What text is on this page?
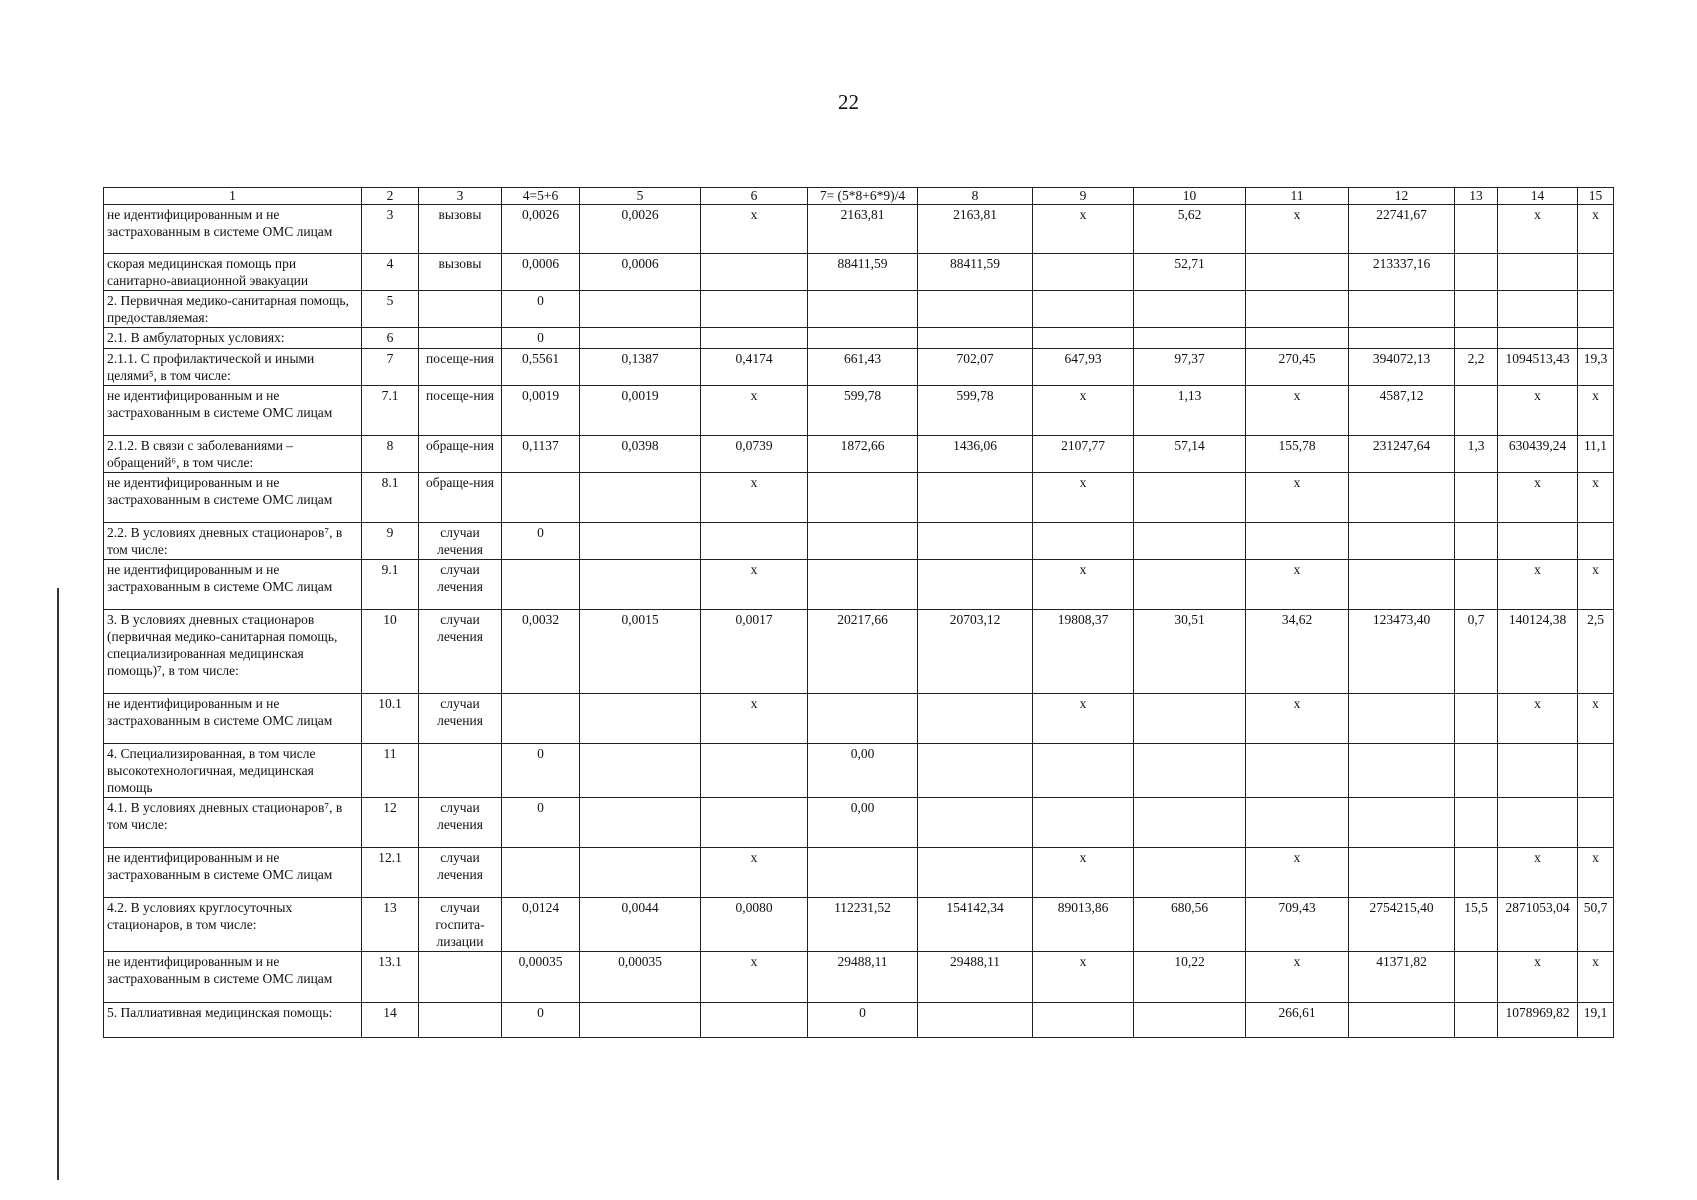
22
1	2	3	4=5+6	5	6	7= (5*8+6*9)/4	8	9	10	11	12	13	14	15
не идентифицированным и не застрахованным в системе ОМС лицам	3	вызовы	0,0026	0,0026	х	2163,81	2163,81	х	5,62	х	22741,67		х	х
скорая медицинская помощь при санитарно-авиационной эвакуации	4	вызовы	0,0006	0,0006		88411,59	88411,59		52,71		213337,16			
2. Первичная медико-санитарная помощь, предоставляемая:	5		0											
2.1. В амбулаторных условиях:	6		0											
2.1.1. С профилактической и иными целями⁵, в том числе:	7	посеще-ния	0,5561	0,1387	0,4174	661,43	702,07	647,93	97,37	270,45	394072,13	2,2	1094513,43	19,3
не идентифицированным и не застрахованным в системе ОМС лицам	7.1	посеще-ния	0,0019	0,0019	х	599,78	599,78	х	1,13	х	4587,12		х	х
2.1.2. В связи с заболеваниями – обращений⁶, в том числе:	8	обраще-ния	0,1137	0,0398	0,0739	1872,66	1436,06	2107,77	57,14	155,78	231247,64	1,3	630439,24	11,1
не идентифицированным и не застрахованным в системе ОМС лицам	8.1	обраще-ния			х			х		х			х	х
2.2. В условиях дневных стационаров⁷, в том числе:	9	случаи лечения	0											
не идентифицированным и не застрахованным в системе ОМС лицам	9.1	случаи лечения			х			х		х			х	х
3. В условиях дневных стационаров (первичная медико-санитарная помощь, специализированная медицинская помощь)⁷, в том числе:	10	случаи лечения	0,0032	0,0015	0,0017	20217,66	20703,12	19808,37	30,51	34,62	123473,40	0,7	140124,38	2,5
не идентифицированным и не застрахованным в системе ОМС лицам	10.1	случаи лечения			х			х		х			х	х
4. Специализированная, в том числе высокотехнологичная, медицинская помощь	11		0			0,00								
4.1. В условиях дневных стационаров⁷, в том числе:	12	случаи лечения	0			0,00								
не идентифицированным и не застрахованным в системе ОМС лицам	12.1	случаи лечения			х			х		х			х	х
4.2. В условиях круглосуточных стационаров, в том числе:	13	случаи госпита-лизации	0,0124	0,0044	0,0080	112231,52	154142,34	89013,86	680,56	709,43	2754215,40	15,5	2871053,04	50,7
не идентифицированным и не застрахованным в системе ОМС лицам	13.1		0,00035	0,00035	х	29488,11	29488,11	х	10,22	х	41371,82		х	х
5. Паллиативная медицинская помощь:	14		0			0				266,61			1078969,82	19,1
